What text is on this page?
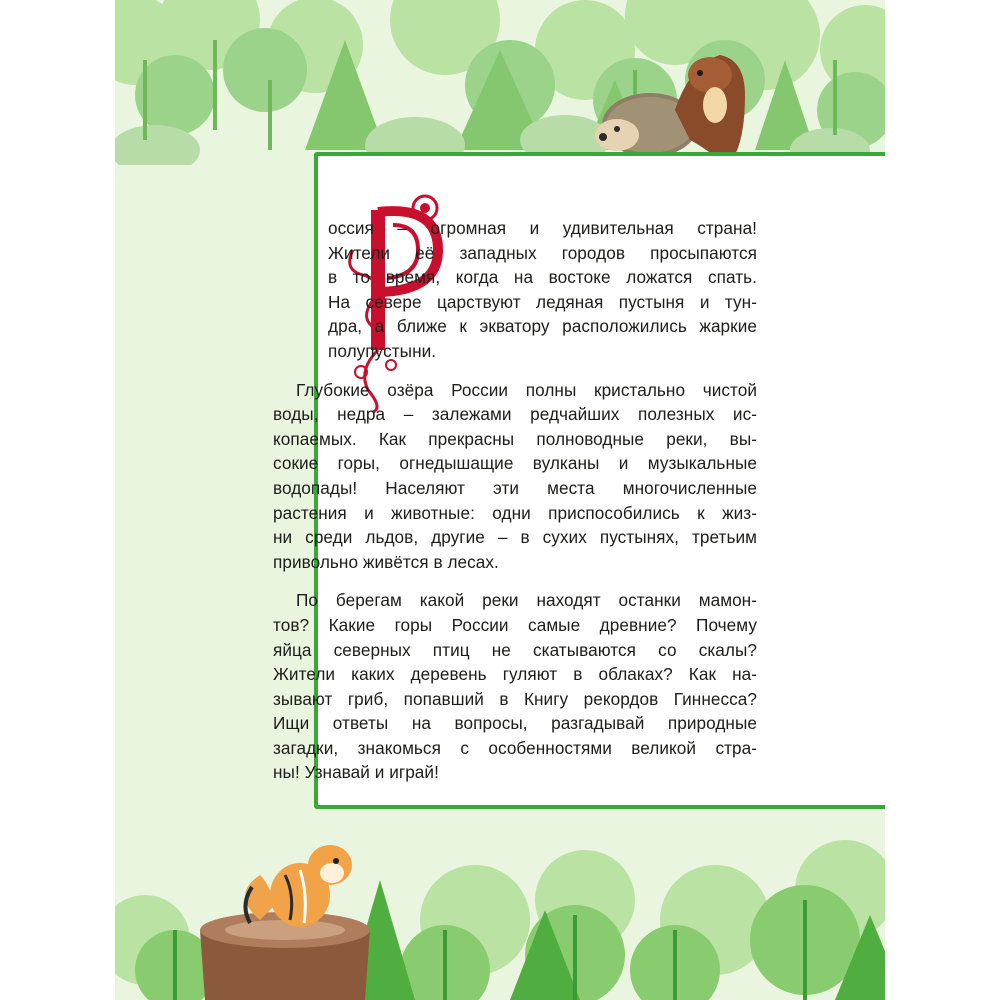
оссия – огромная и удивительная страна!
Жители её западных городов просыпаются
в то время, когда на востоке ложатся спать.
На севере царствуют ледяная пустыня и тун-
дра, а ближе к экватору расположились жаркие
полупустыни.
Глубокие озёра России полны кристально чистой
воды, недра – залежами редчайших полезных ис-
копаемых. Как прекрасны полноводные реки, вы-
сокие горы, огнедышащие вулканы и музыкальные
водопады! Населяют эти места многочисленные
растения и животные: одни приспособились к жиз-
ни среди льдов, другие – в сухих пустынях, третьим
привольно живётся в лесах.
По берегам какой реки находят останки мамон-
тов? Какие горы России самые древние? Почему
яйца северных птиц не скатываются со скалы?
Жители каких деревень гуляют в облаках? Как на-
зывают гриб, попавший в Книгу рекордов Гиннесса?
Ищи ответы на вопросы, разгадывай природные
загадки, знакомься с особенностями великой стра-
ны! Узнавай и играй!
